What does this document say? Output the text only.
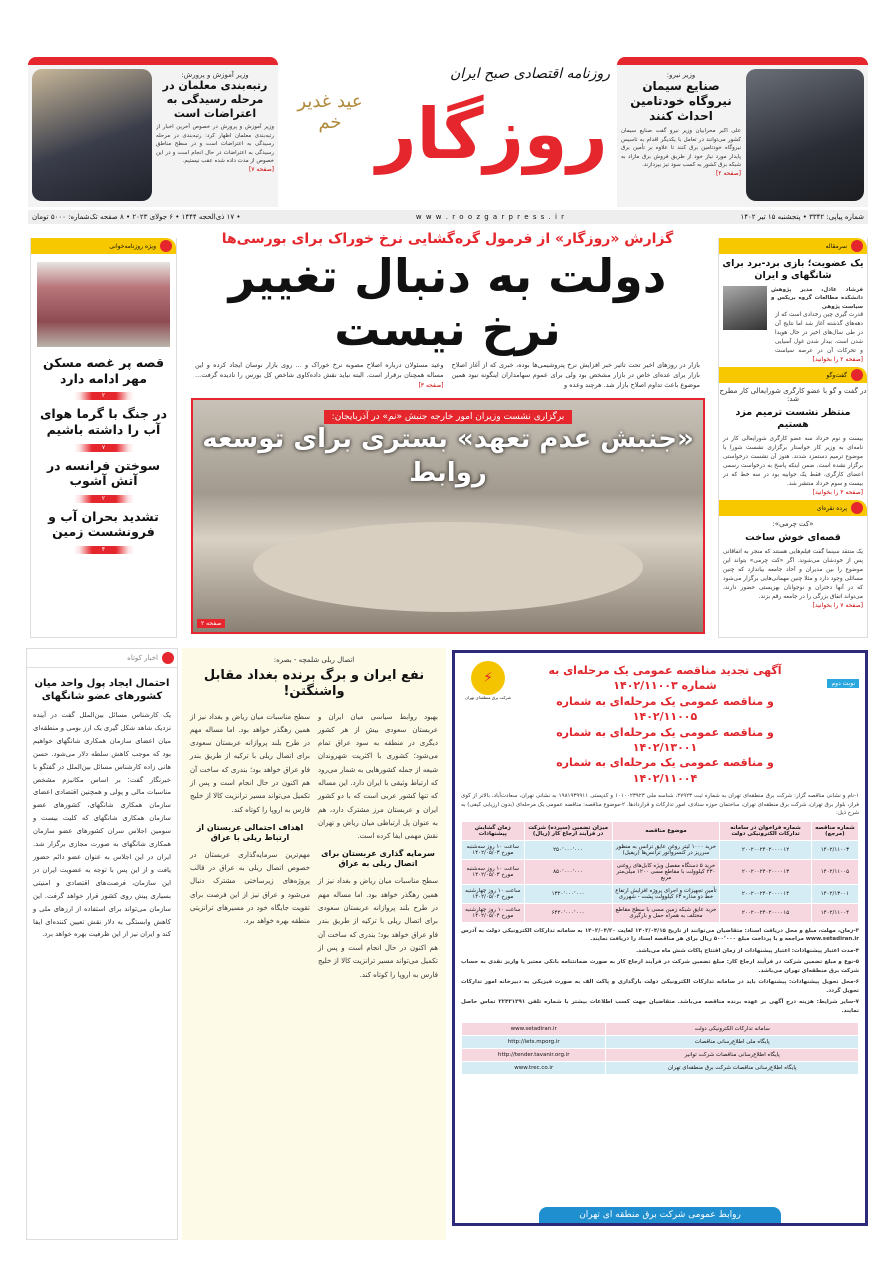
وزیر نیرو:
صنایع سیمان نیروگاه خودتامین احداث کنند
علی اکبر محرابیان وزیر نیرو گفت صنایع سیمان کشور می‌توانند در تعامل با یکدیگر اقدام به تاسیس نیروگاه خودتامین برق کنند تا علاوه بر تأمین برق پایدار مورد نیاز خود از طریق فروش برق مازاد به شبکه برق کشور به کسب سود نیز بپردازند.
[صفحه ۲]
وزیر آموزش و پرورش:
رتبه‌بندی معلمان در مرحله رسیدگی به اعتراضات است
وزیر آموزش و پرورش در خصوص آخرین اخبار از رتبه‌بندی معلمان اظهار کرد: رتبه‌بندی در مرحله رسیدگی به اعتراضات است و در سطح مناطق رسیدگی به اعتراضات در حال انجام است و در این خصوص از مدت داده شده عقب نیستیم.
[صفحه ۷]
روزنامه اقتصادی صبح ایران
عید غدیر خم روزگار
شماره پیاپی: ۳۳۴۲ • پنجشنبه ۱۵ تیر ۱۴۰۲
w w w . r o o z g a r p r e s s . i r
• ۱۷ ذی‌الحجه ۱۴۴۴ • ۶ جولای ۲۰۲۳ • ۸ صفحه تک‌شماره: ۵۰۰۰ تومان
گزارش «روزگار» از فرمول گره‌گشایی نرخ خوراک برای بورسی‌ها
دولت به دنبال تغییر نرخ نیست
بازار در روزهای اخیر تحت تاثیر خبر افزایش نرخ پتروشیمی‌ها بوده، خبری که از آغاز اصلاح بازار برای عده‌ای خاص در بازار مشخص بود ولی برای عموم سهامداران اینگونه نبود همین موضوع باعث تداوم اصلاح بازار شد. هرچند وعده و
وعید مسئولان درباره اصلاح مصوبه نرخ خوراک و ... روی بازار نوسان ایجاد کرده و این مساله همچنان برقرار است. البته نباید نقش داده‌کاوی شاخص کل بورس را نادیده گرفت... [صفحه ۳]
برگزاری نشست وزیران امور خارجه جنبش «نم» در آذربایجان:
«جنبش عدم تعهد» بستری برای توسعه روابط
صفحه ۲
ویژه روزنامه‌خوانی
قصه پر غصه مسکن مهر ادامه دارد
۲
در جنگ با گرما هوای آب را داشته باشیم
۷
سوختن فرانسه در آتش آشوب
۲
تشدید بحران آب و فرونشست زمین
۴
سرمقاله
یک عضویت؛ بازی برد-برد برای شانگهای و ایران
فرشاد عادل، مدیر پژوهش دانشکده مطالعات گروه بریکس و سیاست پژوهی
قدرت گیری چین رخدادی است که از دهه‌های گذشته آغاز شد اما نتایج آن در طی سال‌های اخیر در حال هویدا شدن است. بیدار شدن غول آسیایی و تحرکات آن در عرصه سیاست
[صفحه ۲ را بخوانید]
گفت‌وگو
در گفت و گو با عضو کارگری شورایعالی کار مطرح شد:
منتظر نشست ترمیم مزد هستیم
بیست و نوم خرداد سه عضو کارگری شورایعالی کار در نامه‌ای به وزیر کار خواستار برگزاری نشست شورا با موضوع ترمیم دستمزد شدند. هنوز آن نشست درخواستی برگزار نشده است. ضمن اینکه پاسخ به درخواست رسمی اعضای کارگری، فقط یک جوابیه بود در سه خط که در بیست و سوم خرداد منتشر شد.
[صفحه ۳ را بخوانید]
پرده نقره‌ای
«کت چرمی»:
قصه‌ای خوش ساخت
یک منتقد سینما گفت فیلم‌هایی هستند که منجر به اتفاقاتی پس از خودشان می‌شوند. اگر «کت چرمی» بتواند این موضوع را بین مدیران و آحاد جامعه بیاندازد که چنین مسائلی وجود دارد و مثلا چنین مهمانی‌هایی برگزار می‌شود که در آنها دختران و نوجوانان بهزیستی حضور دارند، می‌تواند اتفاق بزرگی را در جامعه رقم بزند.
[صفحه ۷ را بخوانید]
اخبار کوتاه
احتمال ایجاد پول واحد میان کشورهای عضو شانگهای
یک کارشناس مسائل بین‌الملل گفت در آینده نزدیک شاهد شکل گیری یک ارز بومی و منطقه‌ای میان اعضای سازمان همکاری شانگهای خواهیم بود که موجب کاهش سلطه دلار می‌شود. حسن هانی زاده کارشناس مسائل بین‌الملل در گفتگو با خبرنگار گفت: بر اساس مکانیزم مشخص مناسبات مالی و پولی و همچنین اقتصادی اعضای سازمان همکاری شانگهای، کشورهای عضو سازمان همکاری شانگهای که کلیت بیست و سومین اجلاس سران کشورهای عضو سازمان همکاری شانگهای به صورت مجازی برگزار شد. ایران در این اجلاس به عنوان عضو دائم حضور یافت و از این پس با توجه به عضویت ایران در این سازمان، فرصت‌های اقتصادی و امنیتی بسیاری پیش روی کشور قرار خواهد گرفت. این سازمان می‌تواند برای استفاده از ارزهای ملی و کاهش وابستگی به دلار نقش تعیین کننده‌ای ایفا کند و ایران نیز از این ظرفیت بهره خواهد برد.
اتصال ریلی شلمچه - بصره:
نفع ایران و برگ برنده بغداد مقابل واشنگتن!
بهبود روابط سیاسی میان ایران و عربستان سعودی بیش از هر کشور دیگری در منطقه به سود عراق تمام می‌شود؛ کشوری با اکثریت شهروندان شیعه از جمله کشورهایی به شمار می‌رود که ارتباط وثیقی با ایران دارد. این مساله که تنها کشور عربی است که با دو کشور ایران و عربستان مرز مشترک دارد، هم به عنوان پل ارتباطی میان ریاض و تهران نقش مهمی ایفا کرده است.
سرمایه گذاری عربستان برای اتصال ریلی به عراق
سطح مناسبات میان ریاض و بغداد نیز از همین رهگذر خواهد بود. اما مساله مهم در طرح بلند پروازانه عربستان سعودی برای اتصال ریلی با ترکیه از طریق بندر فاو عراق خواهد بود؛ بندری که ساخت آن هم اکنون در حال انجام است و پس از تکمیل می‌تواند مسیر ترانزیت کالا از خلیج فارس به اروپا را کوتاه کند.
سطح مناسبات میان ریاض و بغداد نیز از همین رهگذر خواهد بود. اما مساله مهم در طرح بلند پروازانه عربستان سعودی برای اتصال ریلی با ترکیه از طریق بندر فاو عراق خواهد بود؛ بندری که ساخت آن هم اکنون در حال انجام است و پس از تکمیل می‌تواند مسیر ترانزیت کالا از خلیج فارس به اروپا را کوتاه کند.
اهداف احتمالی عربستان از ارتباط ریلی با عراق
مهم‌ترین سرمایه‌گذاری عربستان در خصوص اتصال ریلی به عراق در قالب پروژه‌های زیرساختی مشترک دنبال می‌شود و عراق نیز از این فرصت برای تقویت جایگاه خود در مسیرهای ترانزیتی منطقه بهره خواهد برد.
نوبت دوم
⚡
شرکت برق منطقه‌ای تهران
آگهی تجدید مناقصه عمومی یک مرحله‌ای به شماره ۱۴۰۲/۱۱۰۰۳
و مناقصه عمومی یک مرحله‌ای به شماره ۱۴۰۲/۱۱۰۰۵
و مناقصه عمومی یک مرحله‌ای به شماره ۱۴۰۲/۱۳۰۰۱
و مناقصه عمومی یک مرحله‌ای به شماره ۱۴۰۲/۱۱۰۰۴
۱-نام و نشانی مناقصه گزار: شرکت برق منطقه‌ای تهران به شماره ثبت ۲۷۹۲۳، شناسه ملی ۱۰۱۰۰۲۳۹۲۳ و کدپستی ۱۹۸۱۹۳۹۹۱۱ به نشانی تهران، سعادت‌آباد، بالاتر از کوی فراز، بلوار برق تهران، شرکت برق منطقه‌ای تهران، ساختمان حوزه ستادی، امور تدارکات و قراردادها. ۲-موضوع مناقصه: مناقصه عمومی یک مرحله‌ای (بدون ارزیابی کیفی) به شرح ذیل:
شماره مناقصه (مرجع)	شماره فراخوان در سامانه تدارکات الکترونیکی دولت	موضوع مناقصه	میزان تضمین (سپرده) شرکت در فرآیند ارجاع کار (ریال)	زمان گشایش پیشنهادات
۱۴۰۲/۱۱۰۰۳	۲۰۰۲۰۰۲۴۰۲۰۰۰۰۱۲	خرید ۱۰۰۰ لیتر روغن عایق ترانس به منظور سرریز در کنسرواتور ترانس‌ها (ریفیل)	۲۵۰٬۰۰۰٬۰۰۰	ساعت ۱۰ روز سه‌شنبه مورخ ۱۴۰۲/۰۵/۰۳
۱۴۰۲/۱۱۰۰۵	۲۰۰۲۰۰۲۴۰۲۰۰۰۰۱۳	خرید ۵ دستگاه مفصل ویژه کابل‌های روغنی ۲۳۰ کیلوولت با مقاطع مسی ۱۲۰۰ میلی‌متر مربع	۸۵۰٬۰۰۰٬۰۰۰	ساعت ۱۰ روز سه‌شنبه مورخ ۱۴۰۲/۰۵/۰۳
۱۴۰۲/۱۳۰۰۱	۲۰۰۲۰۰۲۴۰۲۰۰۰۰۱۴	تأمین تجهیزات و اجرای پروژه افزایش ارتفاع خط دو مداره ۶۳ کیلوولت پشت - شهرری	۱۳۲۰٬۰۰۰٬۰۰۰	ساعت ۱۰ روز چهارشنبه مورخ ۱۴۰۲/۰۵/۰۴
۱۴۰۲/۱۱۰۰۴	۲۰۰۲۰۰۲۴۰۲۰۰۰۰۱۵	خرید عایق شبکه زمین مسی با سطح مقاطع مختلف به همراه حمل و بارگیری	۶۴۲۰٬۰۰۰٬۰۰۰	ساعت ۱۰ روز چهارشنبه مورخ ۱۴۰۲/۰۵/۰۴
۳-زمان، مهلت، مبلغ و محل دریافت اسناد: متقاضیان می‌توانند از تاریخ ۱۴۰۲/۰۴/۱۵ لغایت ۱۴۰۲/۰۴/۲۰ به سامانه تدارکات الکترونیکی دولت به آدرس www.setadiran.ir مراجعه و با پرداخت مبلغ ۵۰۰٬۰۰۰ ریال برای هر مناقصه اسناد را دریافت نمایند.
۴-مدت اعتبار پیشنهادات: اعتبار پیشنهادات از زمان افتتاح پاکات شش ماه می‌باشد.
۵-نوع و مبلغ تضمین شرکت در فرآیند ارجاع کار: مبلغ تضمین شرکت در فرآیند ارجاع کار به صورت ضمانتنامه بانکی معتبر یا واریز نقدی به حساب شرکت برق منطقه‌ای تهران می‌باشد.
۶-محل تحویل پیشنهادات: پیشنهادات باید در سامانه تدارکات الکترونیکی دولت بارگذاری و پاکت الف به صورت فیزیکی به دبیرخانه امور تدارکات تحویل گردد.
۷-سایر شرایط: هزینه درج آگهی بر عهده برنده مناقصه می‌باشد. متقاضیان جهت کسب اطلاعات بیشتر با شماره تلفن ۲۲۴۳۱۳۹۱ تماس حاصل نمایند.
سامانه تدارکات الکترونیکی دولت	www.setadiran.ir
پایگاه ملی اطلاع‌رسانی مناقصات	http://iets.mporg.ir
پایگاه اطلاع‌رسانی مناقصات شرکت توانیر	http://tender.tavanir.org.ir
پایگاه اطلاع‌رسانی مناقصات شرکت برق منطقه‌ای تهران	www.trec.co.ir
روابط عمومی شرکت برق منطقه ای تهران
